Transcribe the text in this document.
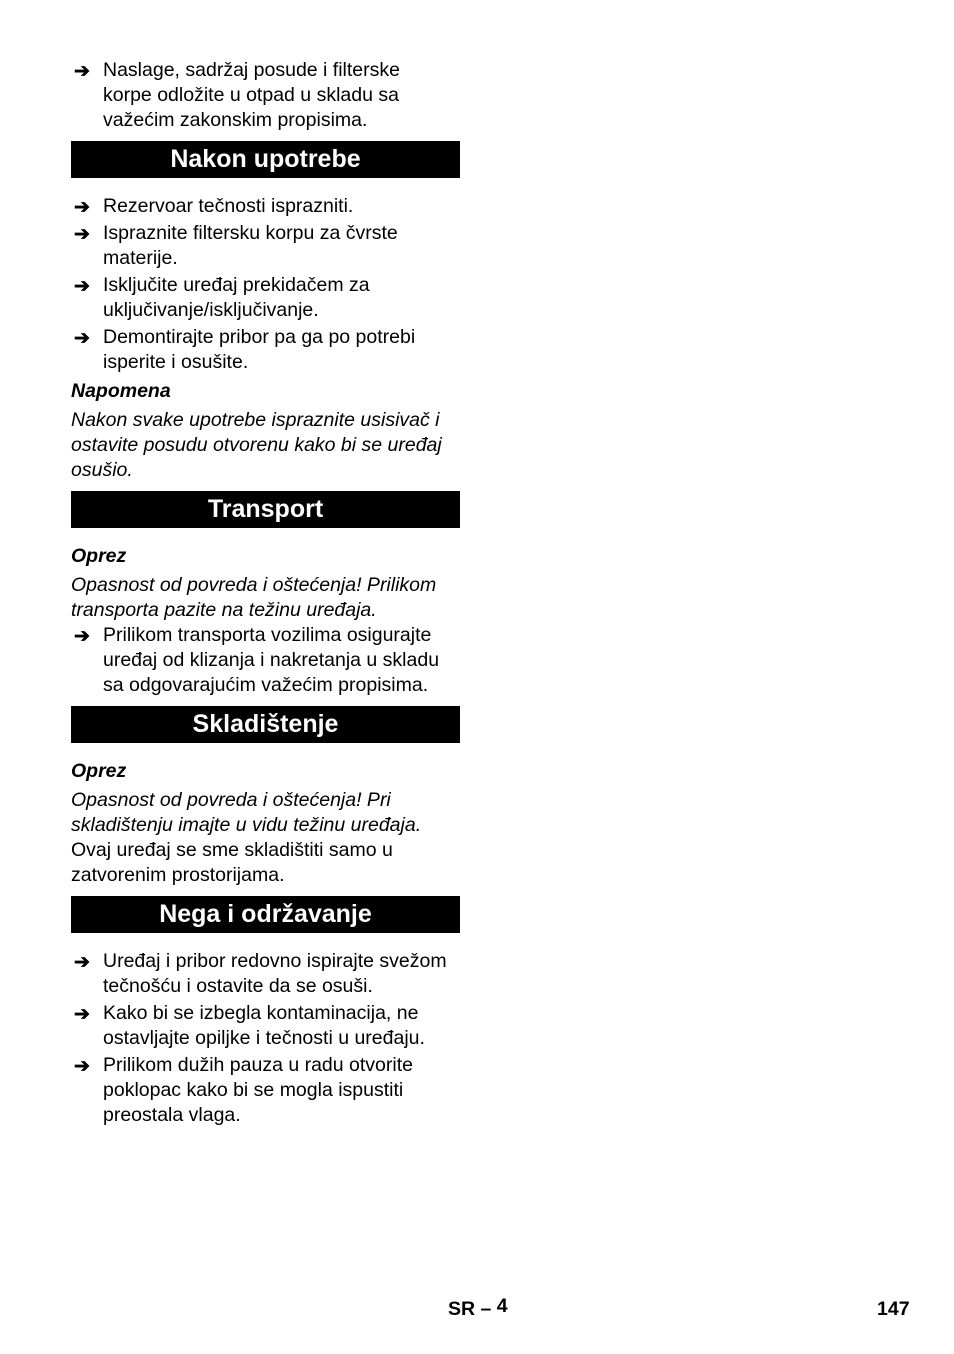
➔ Naslage, sadržaj posude i filterske
korpe odložite u otpad u skladu sa
važećim zakonskim propisima.
Nakon upotrebe
➔ Rezervoar tečnosti isprazniti.
➔ Ispraznite filtersku korpu za čvrste
materije.
➔ Isključite uređaj prekidačem za
uključivanje/isključivanje.
➔ Demontirajte pribor pa ga po potrebi
isperite i osušite.
Napomena
Nakon svake upotrebe ispraznite usisivač i
ostavite posudu otvorenu kako bi se uređaj
osušio.
Transport
Oprez
Opasnost od povreda i oštećenja! Prilikom
transporta pazite na težinu uređaja.
➔ Prilikom transporta vozilima osigurajte
uređaj od klizanja i nakretanja u skladu
sa odgovarajućim važećim propisima.
Skladištenje
Oprez
Opasnost od povreda i oštećenja! Pri
skladištenju imajte u vidu težinu uređaja.
Ovaj uređaj se sme skladištiti samo u
zatvorenim prostorijama.
Nega i održavanje
➔ Uređaj i pribor redovno ispirajte svežom
tečnošću i ostavite da se osuši.
➔ Kako bi se izbegla kontaminacija, ne
ostavljajte opiljke i tečnosti u uređaju.
➔ Prilikom dužih pauza u radu otvorite
poklopac kako bi se mogla ispustiti
preostala vlaga.
SR – 4	147
